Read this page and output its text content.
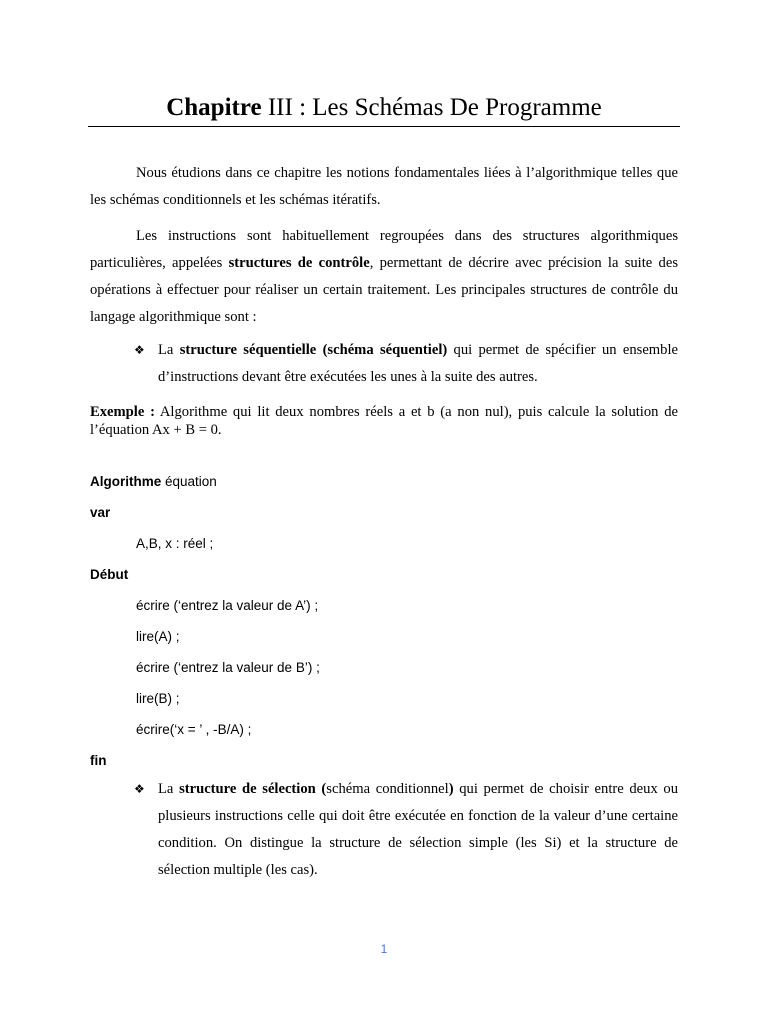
Chapitre III : Les Schémas De Programme
Nous étudions dans ce chapitre les notions fondamentales liées à l’algorithmique telles que les schémas conditionnels et les schémas itératifs.
Les instructions sont habituellement regroupées dans des structures algorithmiques particulières, appelées structures de contrôle, permettant de décrire avec précision la suite des opérations à effectuer pour réaliser un certain traitement. Les principales structures de contrôle du langage algorithmique sont :
❖ La structure séquentielle (schéma séquentiel) qui permet de spécifier un ensemble d’instructions devant être exécutées les unes à la suite des autres.
Exemple : Algorithme qui lit deux nombres réels a et b (a non nul), puis calcule la solution de l’équation Ax + B = 0.
Algorithme équation
var
A,B, x : réel ;
Début
écrire (‘entrez la valeur de A’) ;
lire(A) ;
écrire (‘entrez la valeur de B’) ;
lire(B) ;
écrire(‘x = ’ , -B/A) ;
fin
❖ La structure de sélection (schéma conditionnel) qui permet de choisir entre deux ou plusieurs instructions celle qui doit être exécutée en fonction de la valeur d’une certaine condition. On distingue la structure de sélection simple (les Si) et la structure de sélection multiple (les cas).
1
